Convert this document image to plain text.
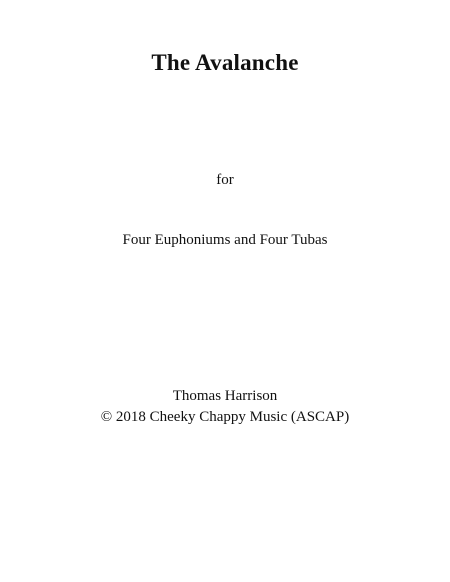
The Avalanche
for
Four Euphoniums and Four Tubas
Thomas Harrison
© 2018 Cheeky Chappy Music (ASCAP)
